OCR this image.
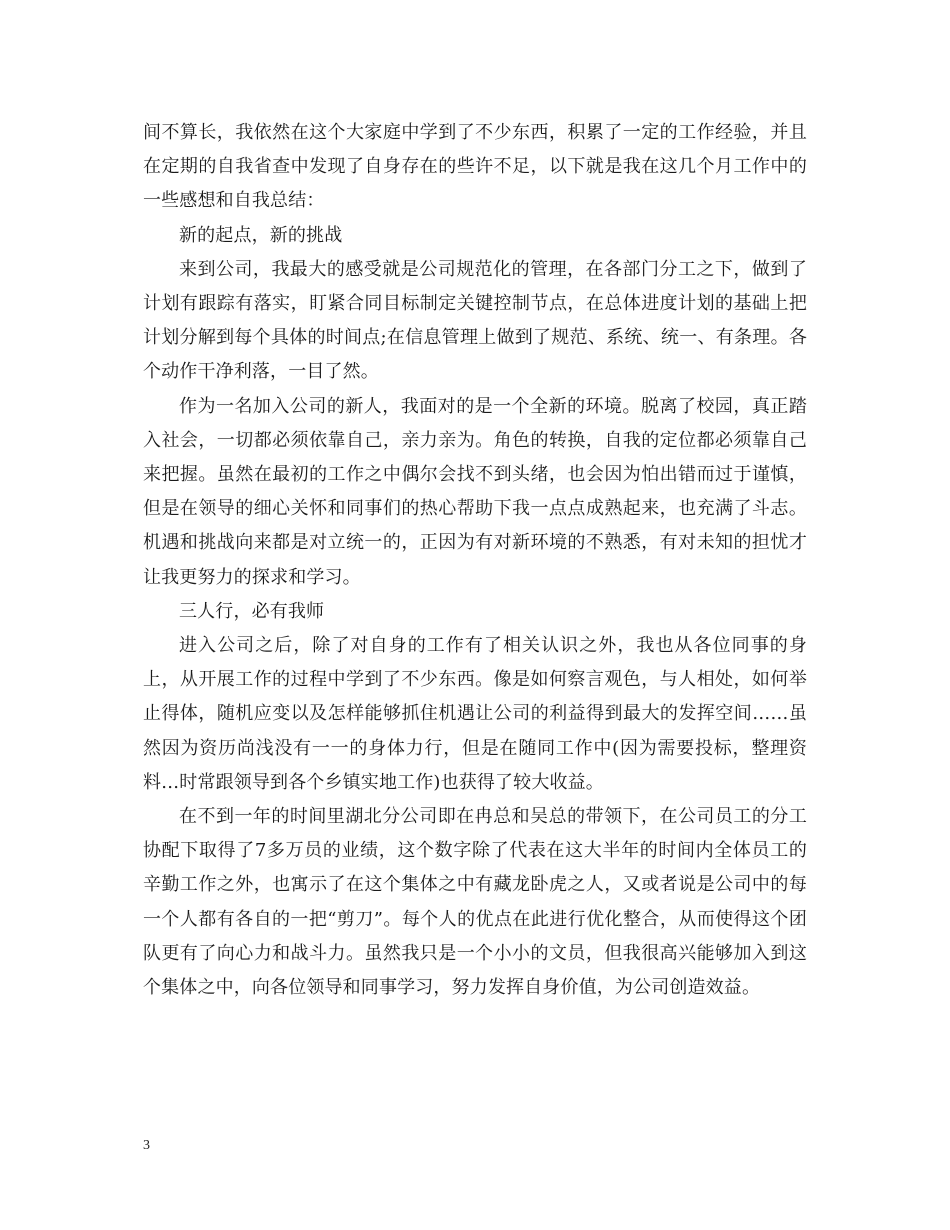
间不算长，我依然在这个大家庭中学到了不少东西，积累了一定的工作经验，并且在定期的自我省查中发现了自身存在的些许不足，以下就是我在这几个月工作中的一些感想和自我总结：

新的起点，新的挑战

来到公司，我最大的感受就是公司规范化的管理，在各部门分工之下，做到了计划有跟踪有落实，盯紧合同目标制定关键控制节点，在总体进度计划的基础上把计划分解到每个具体的时间点;在信息管理上做到了规范、系统、统一、有条理。各个动作干净利落，一目了然。

作为一名加入公司的新人，我面对的是一个全新的环境。脱离了校园，真正踏入社会，一切都必须依靠自己，亲力亲为。角色的转换，自我的定位都必须靠自己来把握。虽然在最初的工作之中偶尔会找不到头绪，也会因为怕出错而过于谨慎，但是在领导的细心关怀和同事们的热心帮助下我一点点成熟起来，也充满了斗志。机遇和挑战向来都是对立统一的，正因为有对新环境的不熟悉，有对未知的担忧才让我更努力的探求和学习。

三人行，必有我师

进入公司之后，除了对自身的工作有了相关认识之外，我也从各位同事的身上，从开展工作的过程中学到了不少东西。像是如何察言观色，与人相处，如何举止得体，随机应变以及怎样能够抓住机遇让公司的利益得到最大的发挥空间……虽然因为资历尚浅没有一一的身体力行，但是在随同工作中(因为需要投标，整理资料…时常跟领导到各个乡镇实地工作)也获得了较大收益。

在不到一年的时间里湖北分公司即在冉总和吴总的带领下，在公司员工的分工协配下取得了7多万员的业绩，这个数字除了代表在这大半年的时间内全体员工的辛勤工作之外，也寓示了在这个集体之中有藏龙卧虎之人，又或者说是公司中的每一个人都有各自的一把“剪刀”。每个人的优点在此进行优化整合，从而使得这个团队更有了向心力和战斗力。虽然我只是一个小小的文员，但我很高兴能够加入到这个集体之中，向各位领导和同事学习，努力发挥自身价值，为公司创造效益。

3
